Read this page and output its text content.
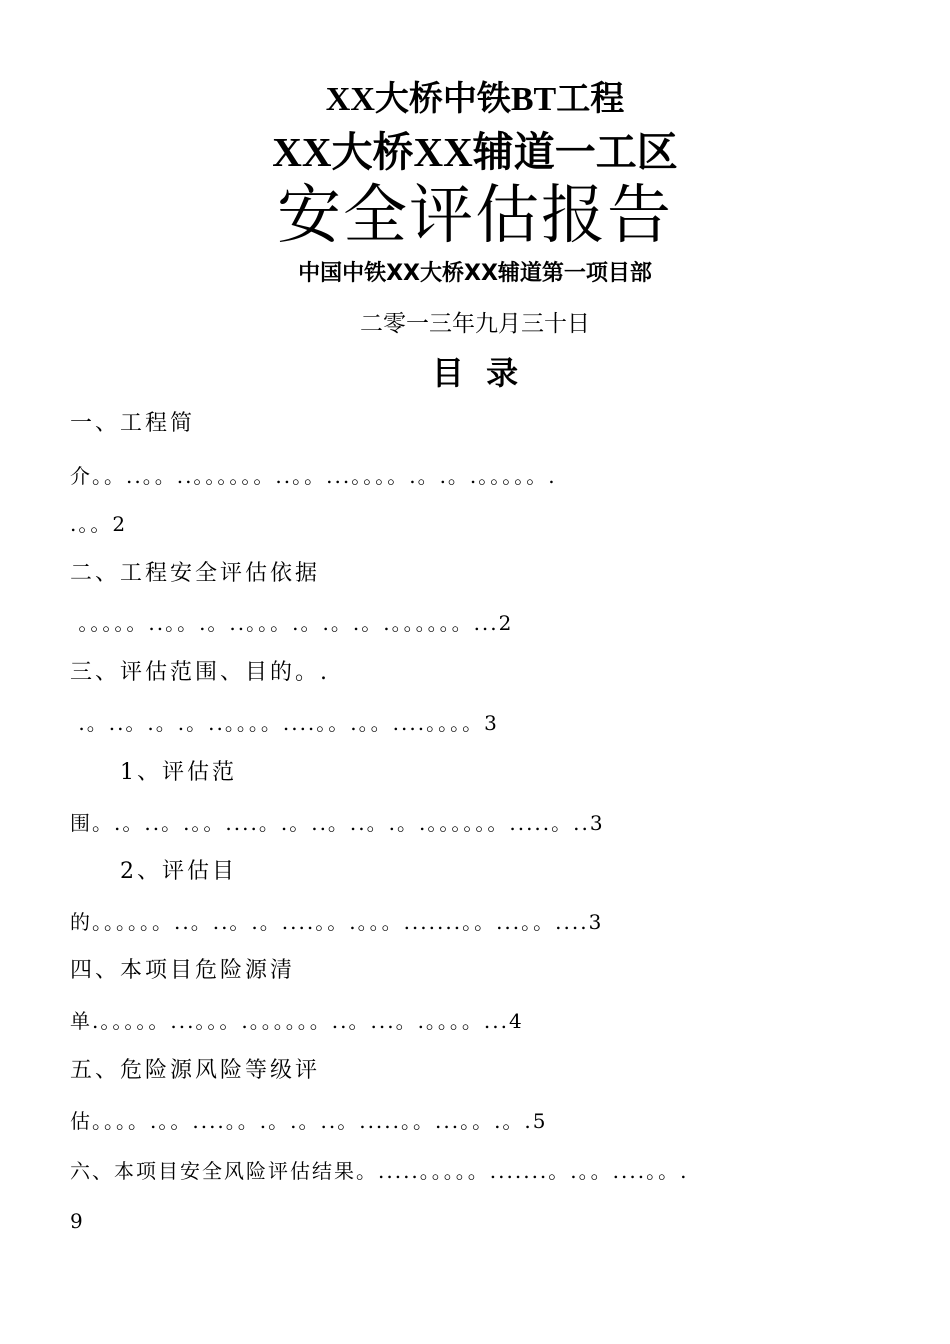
XX大桥中铁BT工程
XX大桥XX辅道一工区
安全评估报告
中国中铁XX大桥XX辅道第一项目部
二零一三年九月三十日
目  录
一、工程简
介。。..。。..。。。。。。..。。...。。。。.。.。.。。。。。.
.。。2
二、工程安全评估依据
。。。。。..。。.。..。。。.。.。.。.。。。。。。...2
三、评估范围、目的。.
.。..。.。.。..。。。。....。。.。。....。。。。3
1、评估范
围。.。..。.。。....。.。..。..。.。.。。。。。。.....。..3
2、评估目
的。。。。。。..。..。.。....。。.。。。.......。。...。。....3
四、本项目危险源清
单.。。。。。...。。。.。。。。。。..。...。.。。。。...4
五、危险源风险等级评
估。。。。.。。....。。.。.。..。.....。。...。。.。.5
六、本项目安全风险评估结果。.....。。。。。.......。.。。....。。.
9
